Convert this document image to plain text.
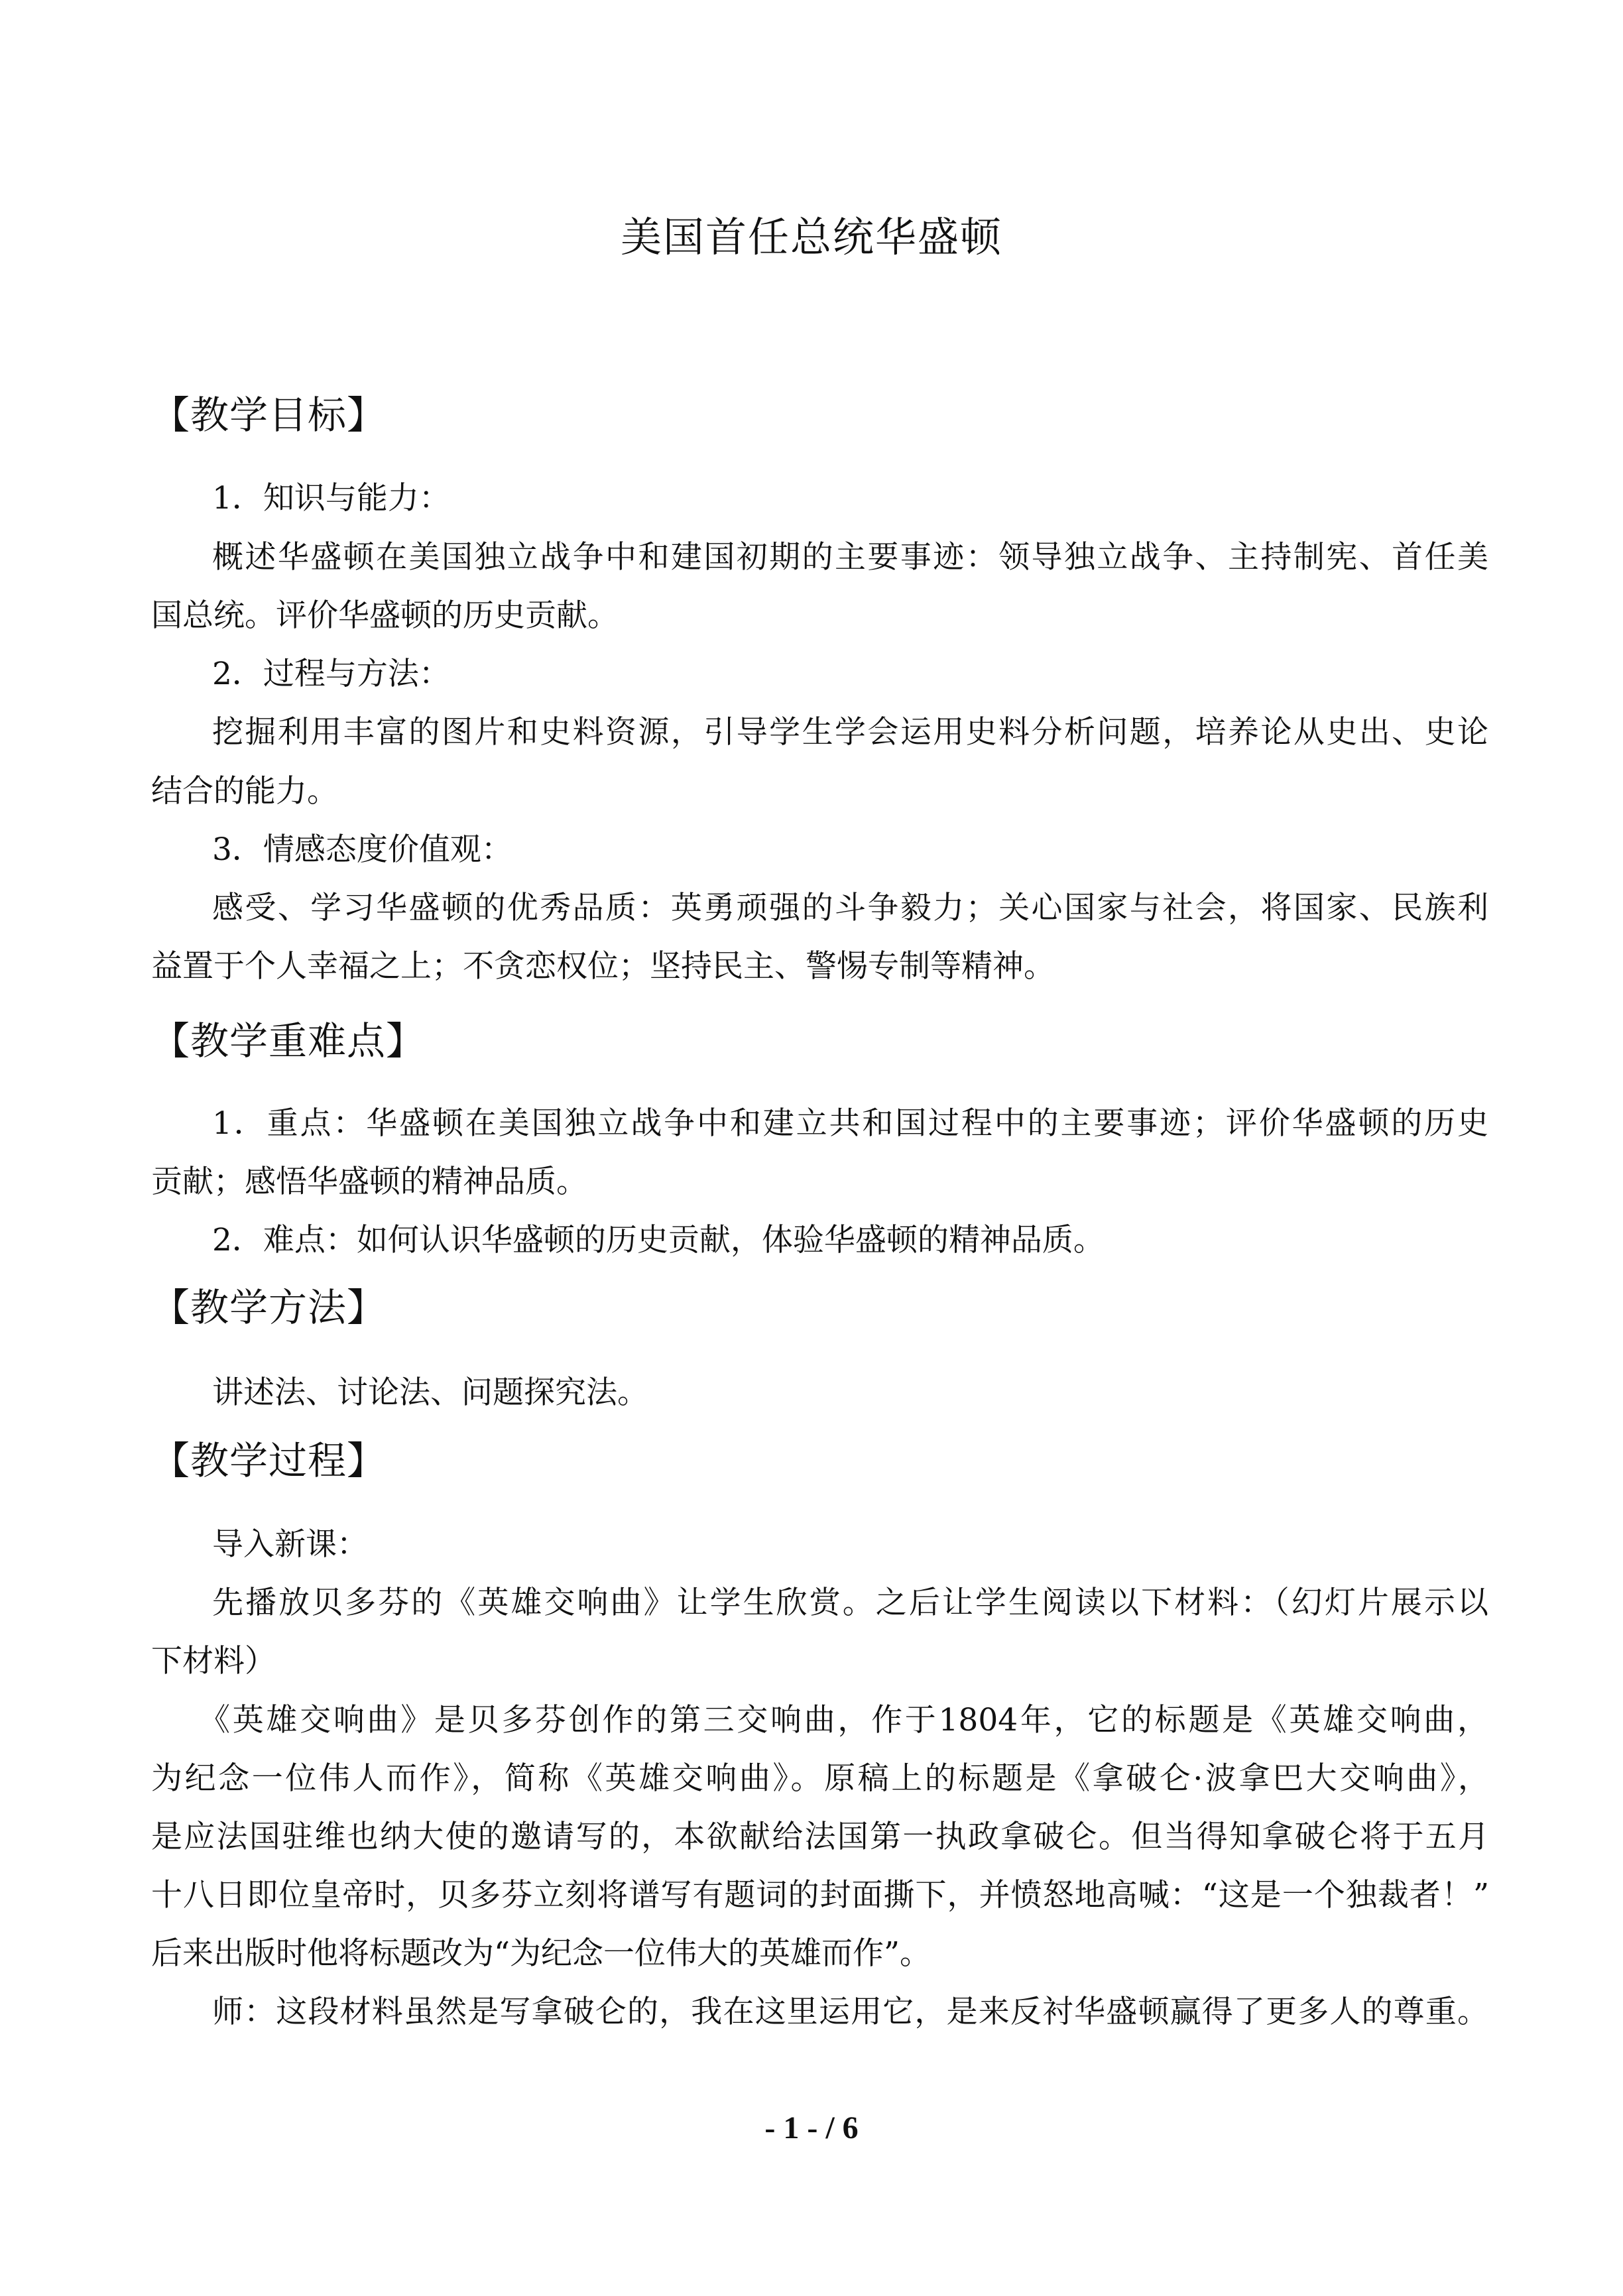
美国首任总统华盛顿
【教学目标】
1．知识与能力：
概述华盛顿在美国独立战争中和建国初期的主要事迹：领导独立战争、主持制宪、首任美
国总统。评价华盛顿的历史贡献。
2．过程与方法：
挖掘利用丰富的图片和史料资源，引导学生学会运用史料分析问题，培养论从史出、史论
结合的能力。
3．情感态度价值观：
感受、学习华盛顿的优秀品质：英勇顽强的斗争毅力；关心国家与社会，将国家、民族利
益置于个人幸福之上；不贪恋权位；坚持民主、警惕专制等精神。
【教学重难点】
1．重点：华盛顿在美国独立战争中和建立共和国过程中的主要事迹；评价华盛顿的历史
贡献；感悟华盛顿的精神品质。
2．难点：如何认识华盛顿的历史贡献，体验华盛顿的精神品质。
【教学方法】
讲述法、讨论法、问题探究法。
【教学过程】
导入新课：
先播放贝多芬的《英雄交响曲》让学生欣赏。之后让学生阅读以下材料：（幻灯片展示以
下材料）
《英雄交响曲》是贝多芬创作的第三交响曲，作于1804年，它的标题是《英雄交响曲，
为纪念一位伟人而作》，简称《英雄交响曲》。原稿上的标题是《拿破仑·波拿巴大交响曲》，
是应法国驻维也纳大使的邀请写的，本欲献给法国第一执政拿破仑。但当得知拿破仑将于五月
十八日即位皇帝时，贝多芬立刻将谱写有题词的封面撕下，并愤怒地高喊：“这是一个独裁者！”
后来出版时他将标题改为“为纪念一位伟大的英雄而作”。
师：这段材料虽然是写拿破仑的，我在这里运用它，是来反衬华盛顿赢得了更多人的尊重。
- 1 - / 6
